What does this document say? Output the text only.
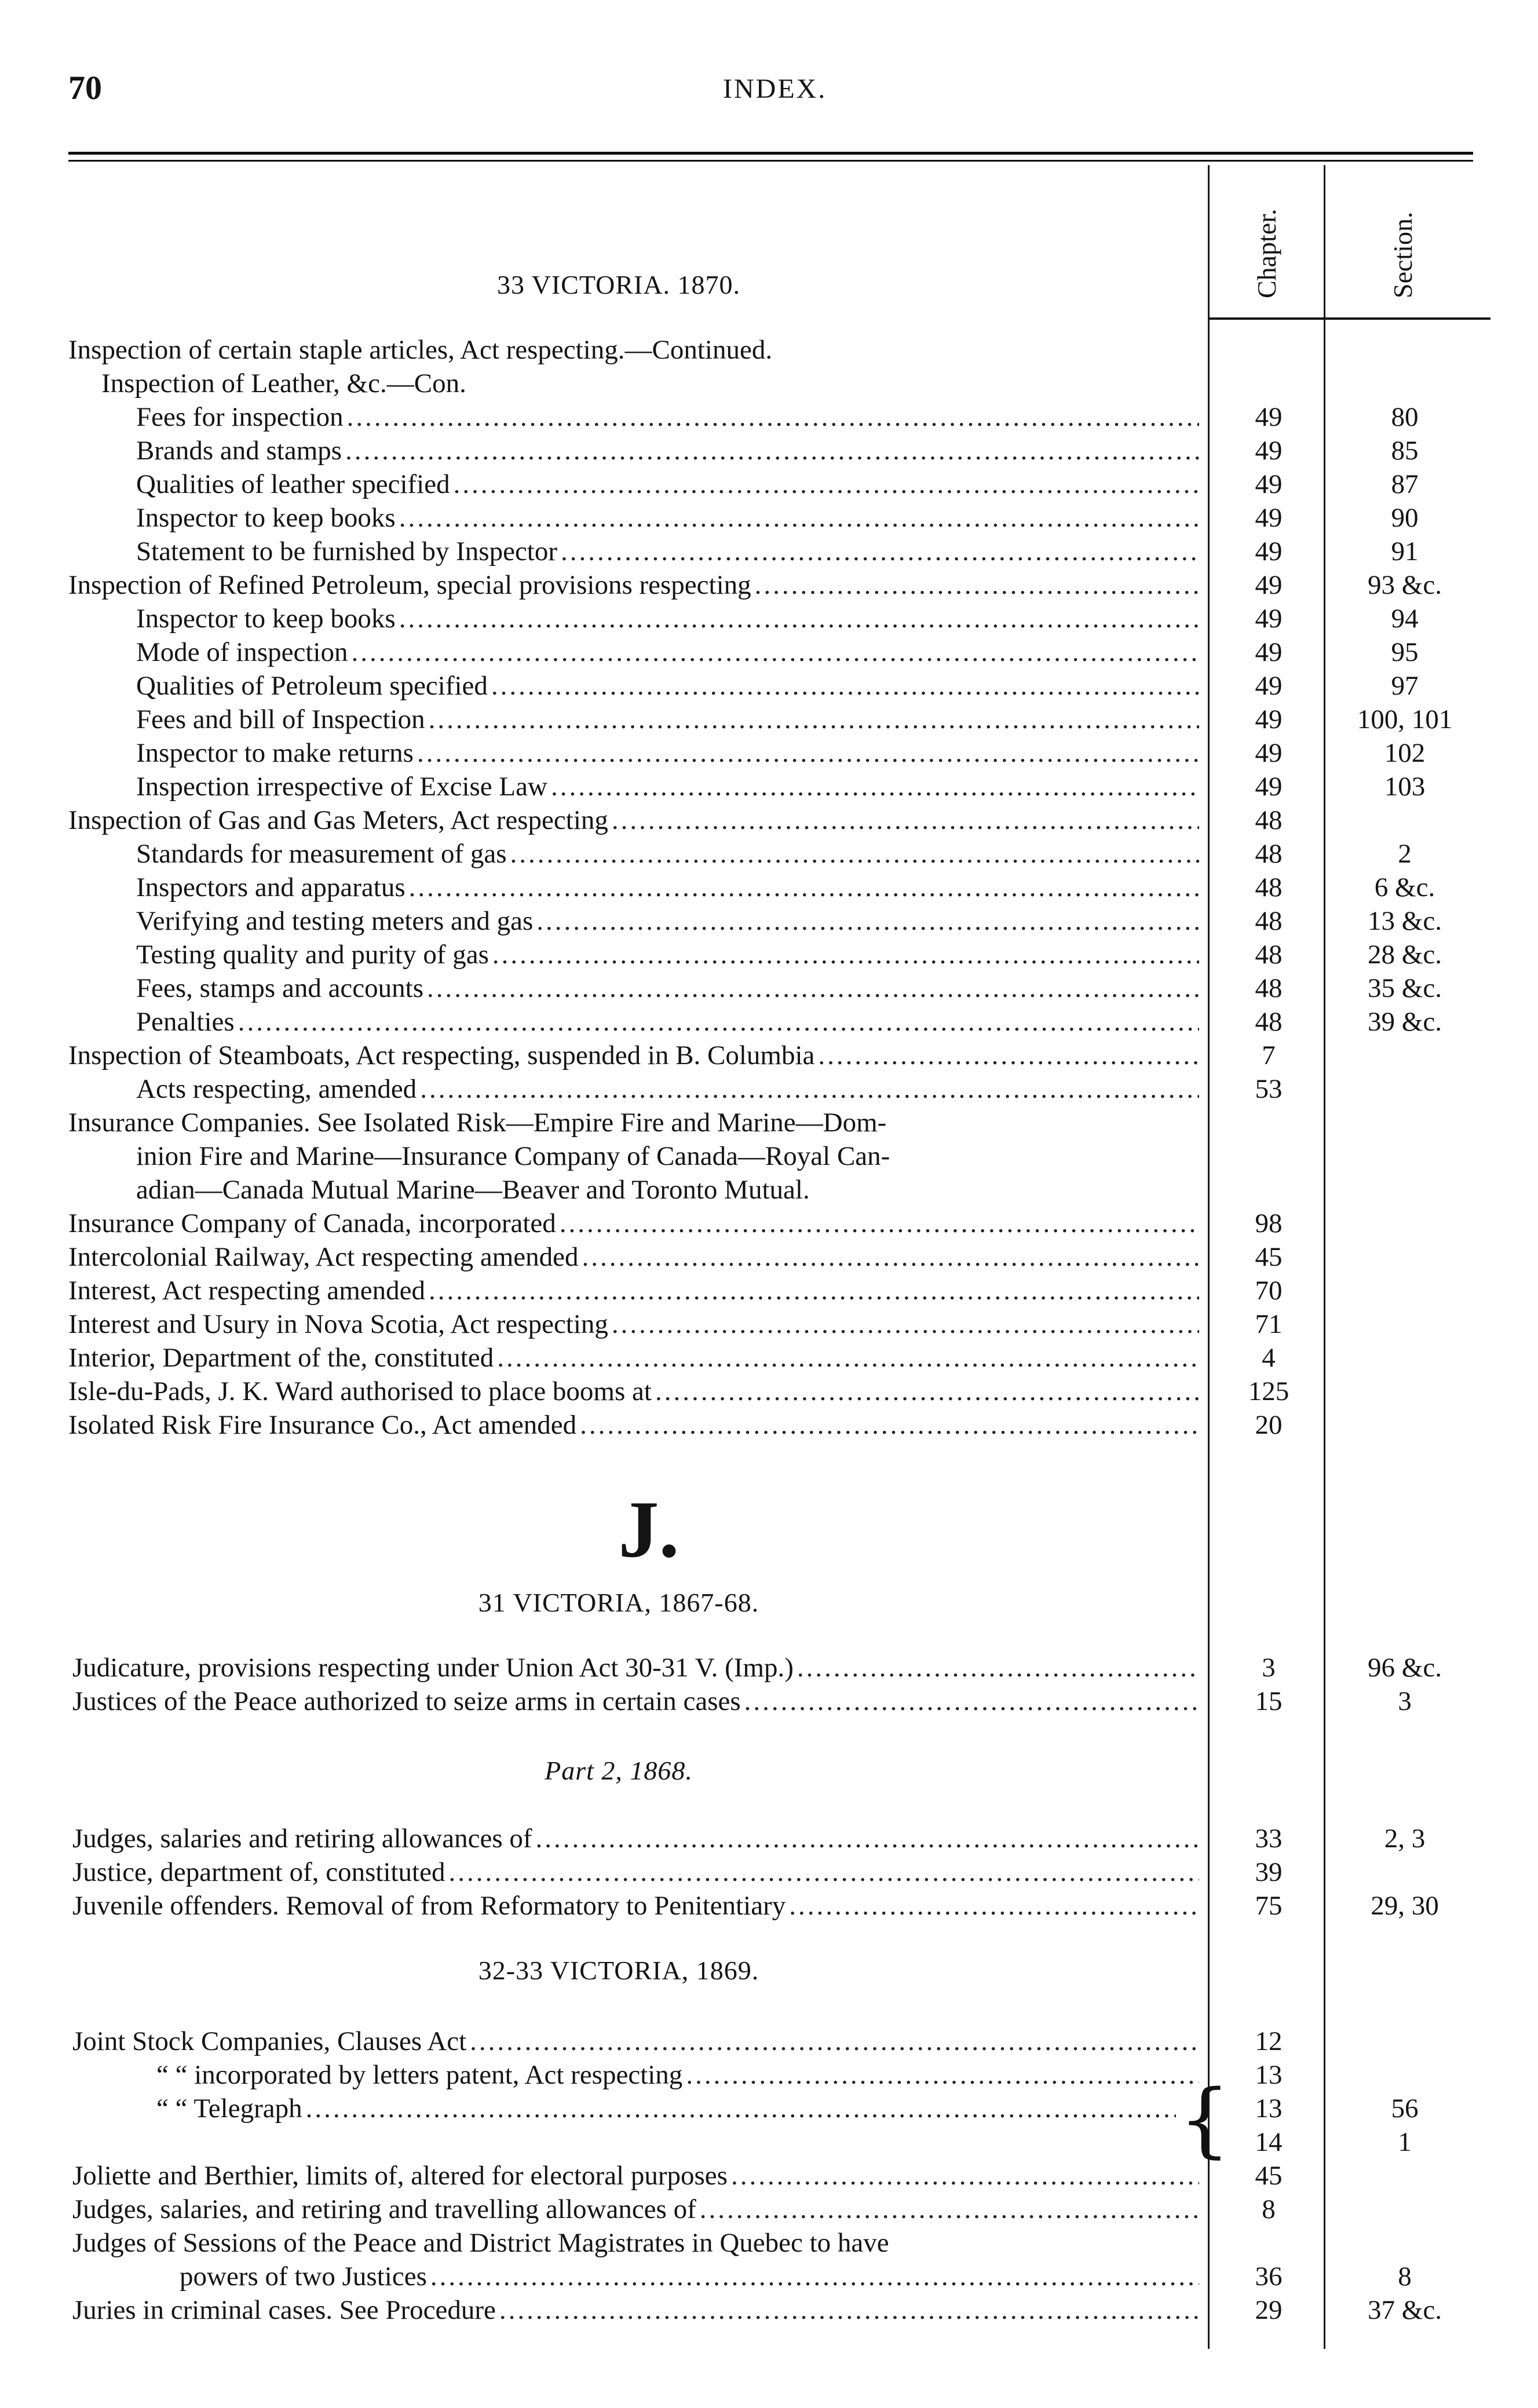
70	INDEX.
Chapter.	Section.
33 VICTORIA. 1870.
J.
31 VICTORIA, 1867-68.
Part 2, 1868.
32-33 VICTORIA, 1869.
Inspection of certain staple articles, Act respecting.—Continued.
Inspection of Leather, &c.—Con.
Fees for inspection .....	49	80
Brands and stamps .....	49	85
Qualities of leather specified .....	49	87
Inspector to keep books .....	49	90
Statement to be furnished by Inspector .....	49	91
Inspection of Refined Petroleum, special provisions respecting .....	49	93 &c.
Inspector to keep books .....	49	94
Mode of inspection .....	49	95
Qualities of Petroleum specified .....	49	97
Fees and bill of Inspection .....	49	100, 101
Inspector to make returns .....	49	102
Inspection irrespective of Excise Law .....	49	103
Inspection of Gas and Gas Meters, Act respecting .....	48
Standards for measurement of gas .....	48	2
Inspectors and apparatus .....	48	6 &c.
Verifying and testing meters and gas .....	48	13 &c.
Testing quality and purity of gas .....	48	28 &c.
Fees, stamps and accounts .....	48	35 &c.
Penalties .....	48	39 &c.
Inspection of Steamboats, Act respecting, suspended in B. Columbia .....	7
Acts respecting, amended .....	53
Insurance Companies. See Isolated Risk—Empire Fire and Marine—Dom-
inion Fire and Marine—Insurance Company of Canada—Royal Can-
adian—Canada Mutual Marine—Beaver and Toronto Mutual.
Insurance Company of Canada, incorporated .....	98
Intercolonial Railway, Act respecting amended .....	45
Interest, Act respecting amended .....	70
Interest and Usury in Nova Scotia, Act respecting .....	71
Interior, Department of the, constituted .....	4
Isle-du-Pads, J. K. Ward authorised to place booms at .....	125
Isolated Risk Fire Insurance Co., Act amended .....	20
Judicature, provisions respecting under Union Act 30-31 V. (Imp.) .....	3	96 &c.
Justices of the Peace authorized to seize arms in certain cases .....	15	3
Judges, salaries and retiring allowances of .....	33	2, 3
Justice, department of, constituted .....	39
Juvenile offenders. Removal of from Reformatory to Penitentiary .....	75	29, 30
Joint Stock Companies, Clauses Act .....	12
“ “ incorporated by letters patent, Act respecting .....	13
“ “ Telegraph .....	13	56
14	1
{
Joliette and Berthier, limits of, altered for electoral purposes .....	45
Judges, salaries, and retiring and travelling allowances of .....	8
Judges of Sessions of the Peace and District Magistrates in Quebec to have
powers of two Justices .....	36	8
Juries in criminal cases. See Procedure .....	29	37 &c.
